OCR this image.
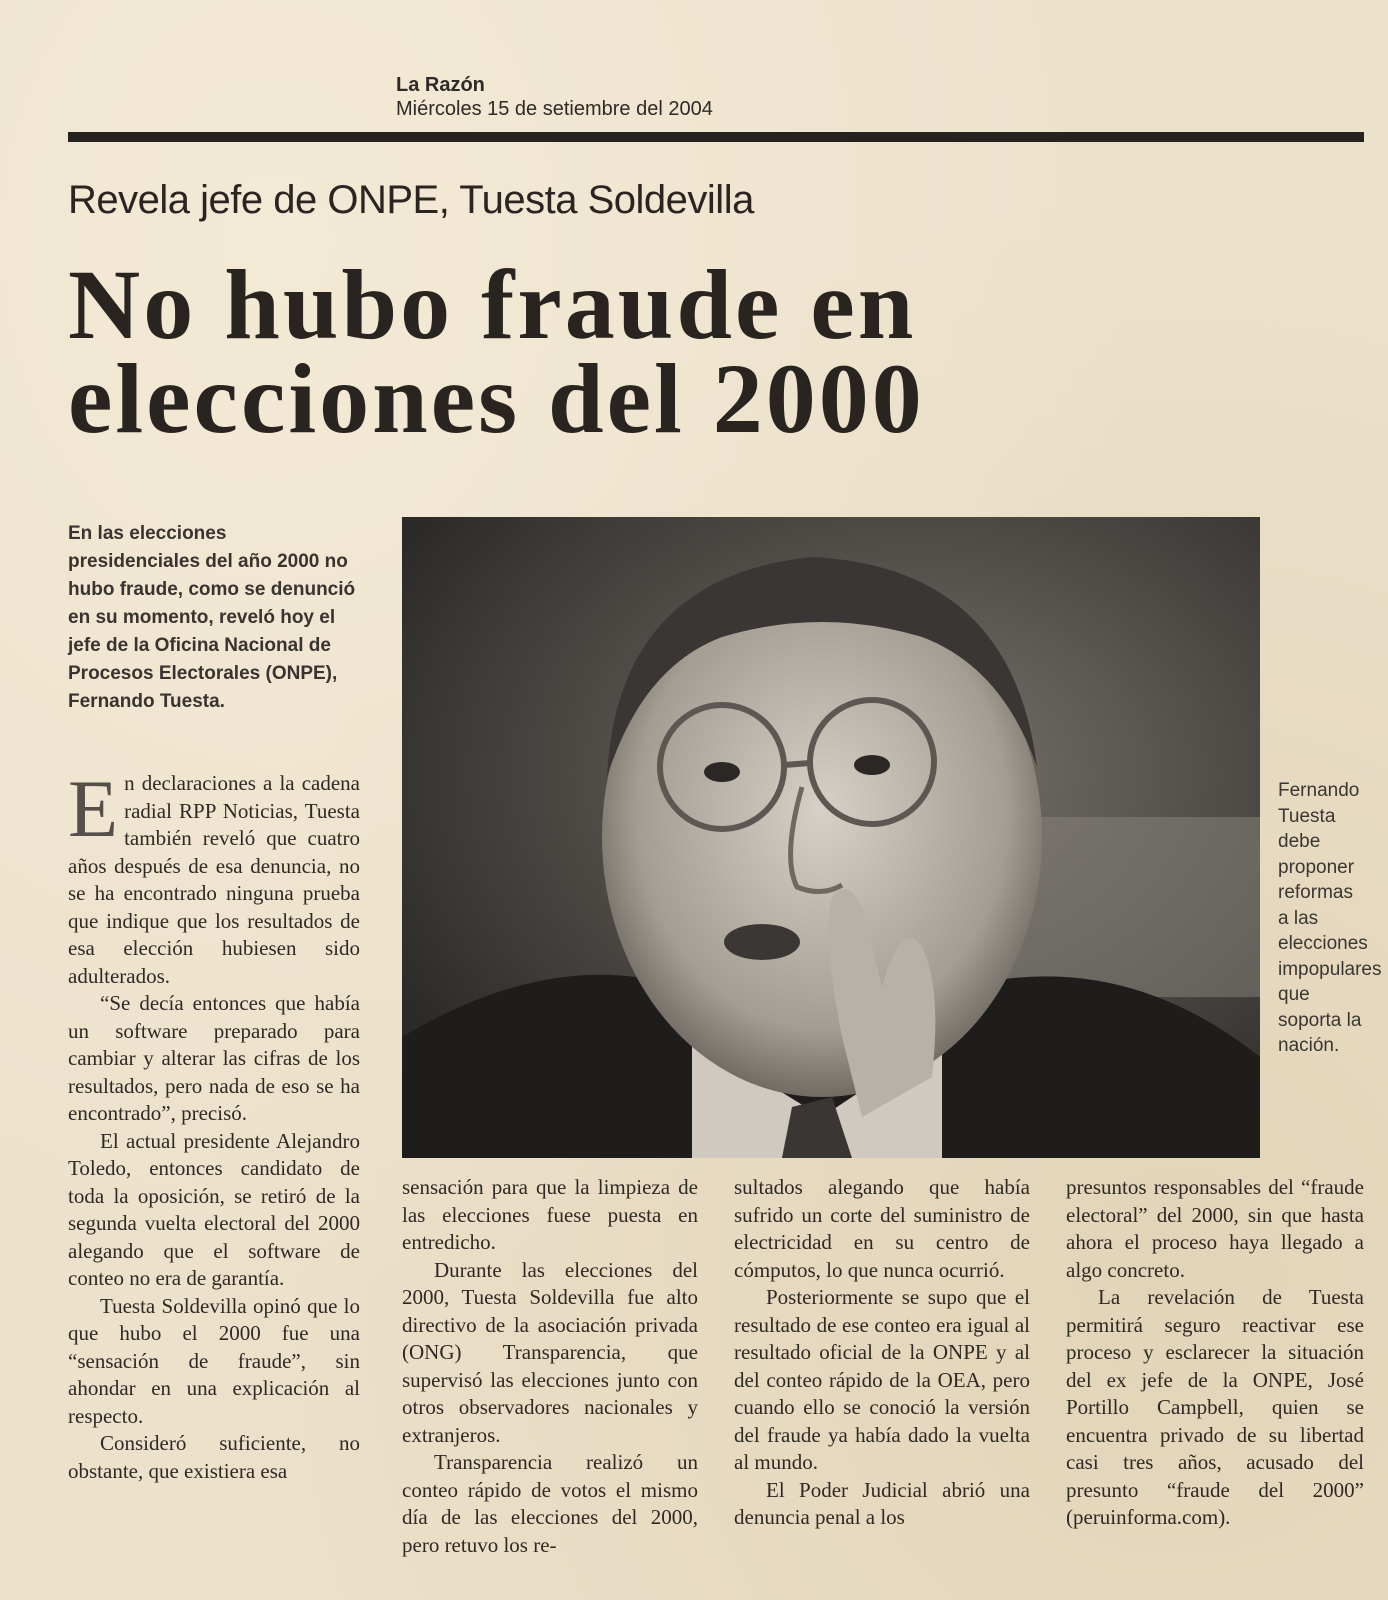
La Razón
Miércoles 15 de setiembre del 2004
Revela jefe de ONPE, Tuesta Soldevilla
No hubo fraude en
elecciones del 2000

En las elecciones presidenciales del año 2000 no hubo fraude, como se denunció en su momento, reveló hoy el jefe de la Oficina Nacional de Procesos Electorales (ONPE), Fernando Tuesta.

Fernando Tuesta debe proponer reformas a las elecciones impopulares que soporta la nación.

En declaraciones a la cadena radial RPP Noticias, Tuesta también reveló que cuatro años después de esa denuncia, no se ha encontrado ninguna prueba que indique que los resultados de esa elección hubiesen sido adulterados.

“Se decía entonces que había un software preparado para cambiar y alterar las cifras de los resultados, pero nada de eso se ha encontrado”, precisó.

El actual presidente Alejandro Toledo, entonces candidato de toda la oposición, se retiró de la segunda vuelta electoral del 2000 alegando que el software de conteo no era de garantía.

Tuesta Soldevilla opinó que lo que hubo el 2000 fue una “sensación de fraude”, sin ahondar en una explicación al respecto.

Consideró suficiente, no obstante, que existiera esa

sensación para que la limpieza de las elecciones fuese puesta en entredicho.

Durante las elecciones del 2000, Tuesta Soldevilla fue alto directivo de la asociación privada (ONG) Transparencia, que supervisó las elecciones junto con otros observadores nacionales y extranjeros.

Transparencia realizó un conteo rápido de votos el mismo día de las elecciones del 2000, pero retuvo los re-

sultados alegando que había sufrido un corte del suministro de electricidad en su centro de cómputos, lo que nunca ocurrió.

Posteriormente se supo que el resultado de ese conteo era igual al resultado oficial de la ONPE y al del conteo rápido de la OEA, pero cuando ello se conoció la versión del fraude ya había dado la vuelta al mundo.

El Poder Judicial abrió una denuncia penal a los

presuntos responsables del “fraude electoral” del 2000, sin que hasta ahora el proceso haya llegado a algo concreto.

La revelación de Tuesta permitirá seguro reactivar ese proceso y esclarecer la situación del ex jefe de la ONPE, José Portillo Campbell, quien se encuentra privado de su libertad casi tres años, acusado del presunto “fraude del 2000” (peruinforma.com).
